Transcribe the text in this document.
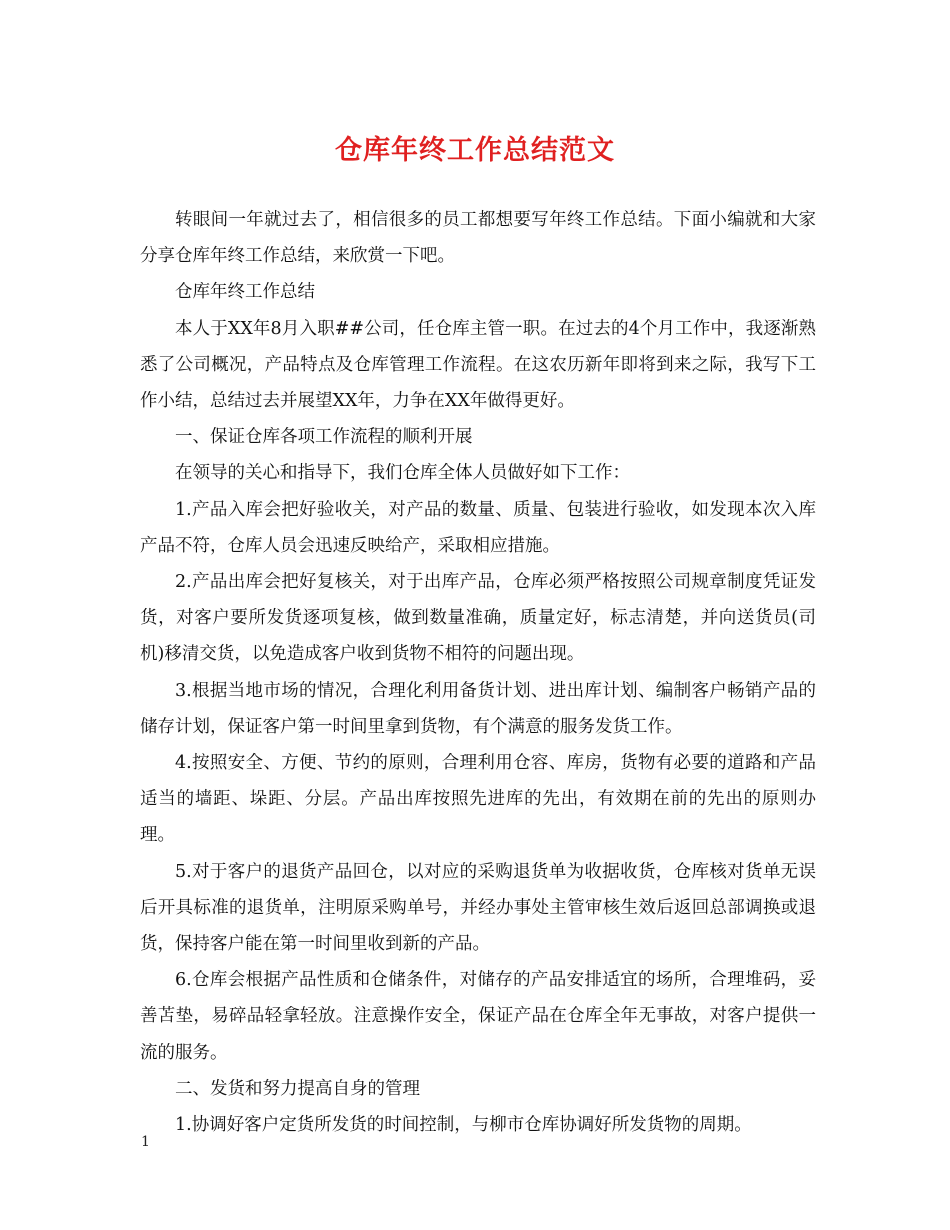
仓库年终工作总结范文

转眼间一年就过去了，相信很多的员工都想要写年终工作总结。下面小编就和大家分享仓库年终工作总结，来欣赏一下吧。

仓库年终工作总结

本人于XX年8月入职##公司，任仓库主管一职。在过去的4个月工作中，我逐渐熟悉了公司概况，产品特点及仓库管理工作流程。在这农历新年即将到来之际，我写下工作小结，总结过去并展望XX年，力争在XX年做得更好。

一、保证仓库各项工作流程的顺利开展

在领导的关心和指导下，我们仓库全体人员做好如下工作：

1.产品入库会把好验收关，对产品的数量、质量、包装进行验收，如发现本次入库产品不符，仓库人员会迅速反映给产，采取相应措施。

2.产品出库会把好复核关，对于出库产品，仓库必须严格按照公司规章制度凭证发货，对客户要所发货逐项复核，做到数量准确，质量定好，标志清楚，并向送货员(司机)移清交货，以免造成客户收到货物不相符的问题出现。

3.根据当地市场的情况，合理化利用备货计划、进出库计划、编制客户畅销产品的储存计划，保证客户第一时间里拿到货物，有个满意的服务发货工作。

4.按照安全、方便、节约的原则，合理利用仓容、库房，货物有必要的道路和产品适当的墙距、垛距、分层。产品出库按照先进库的先出，有效期在前的先出的原则办理。

5.对于客户的退货产品回仓，以对应的采购退货单为收据收货，仓库核对货单无误后开具标准的退货单，注明原采购单号，并经办事处主管审核生效后返回总部调换或退货，保持客户能在第一时间里收到新的产品。

6.仓库会根据产品性质和仓储条件，对储存的产品安排适宜的场所，合理堆码，妥善苫垫，易碎品轻拿轻放。注意操作安全，保证产品在仓库全年无事故，对客户提供一流的服务。

二、发货和努力提高自身的管理

1.协调好客户定货所发货的时间控制，与柳市仓库协调好所发货物的周期。

1
